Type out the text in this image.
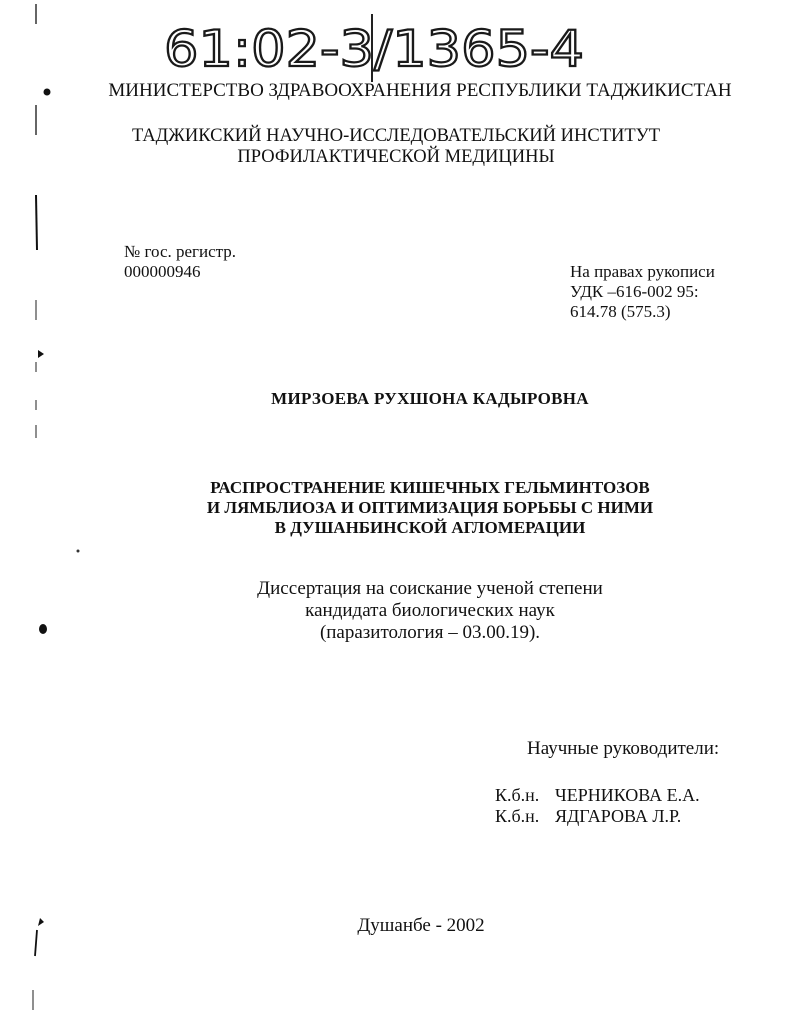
61:02-3/1365-4
МИНИСТЕРСТВО ЗДРАВООХРАНЕНИЯ РЕСПУБЛИКИ ТАДЖИКИСТАН
ТАДЖИКСКИЙ НАУЧНО-ИССЛЕДОВАТЕЛЬСКИЙ ИНСТИТУТ
ПРОФИЛАКТИЧЕСКОЙ МЕДИЦИНЫ
№ гос. регистр.
000000946	На правах рукописи
УДК –616-002 95:
614.78 (575.3)
МИРЗОЕВА РУХШОНА КАДЫРОВНА
РАСПРОСТРАНЕНИЕ КИШЕЧНЫХ ГЕЛЬМИНТОЗОВ
И ЛЯМБЛИОЗА И ОПТИМИЗАЦИЯ БОРЬБЫ С НИМИ
В ДУШАНБИНСКОЙ АГЛОМЕРАЦИИ
Диссертация на соискание ученой степени
кандидата биологических наук
(паразитология – 03.00.19).
Научные руководители:
К.б.н. ЧЕРНИКОВА Е.А.
К.б.н. ЯДГАРОВА Л.Р.
Душанбе - 2002
